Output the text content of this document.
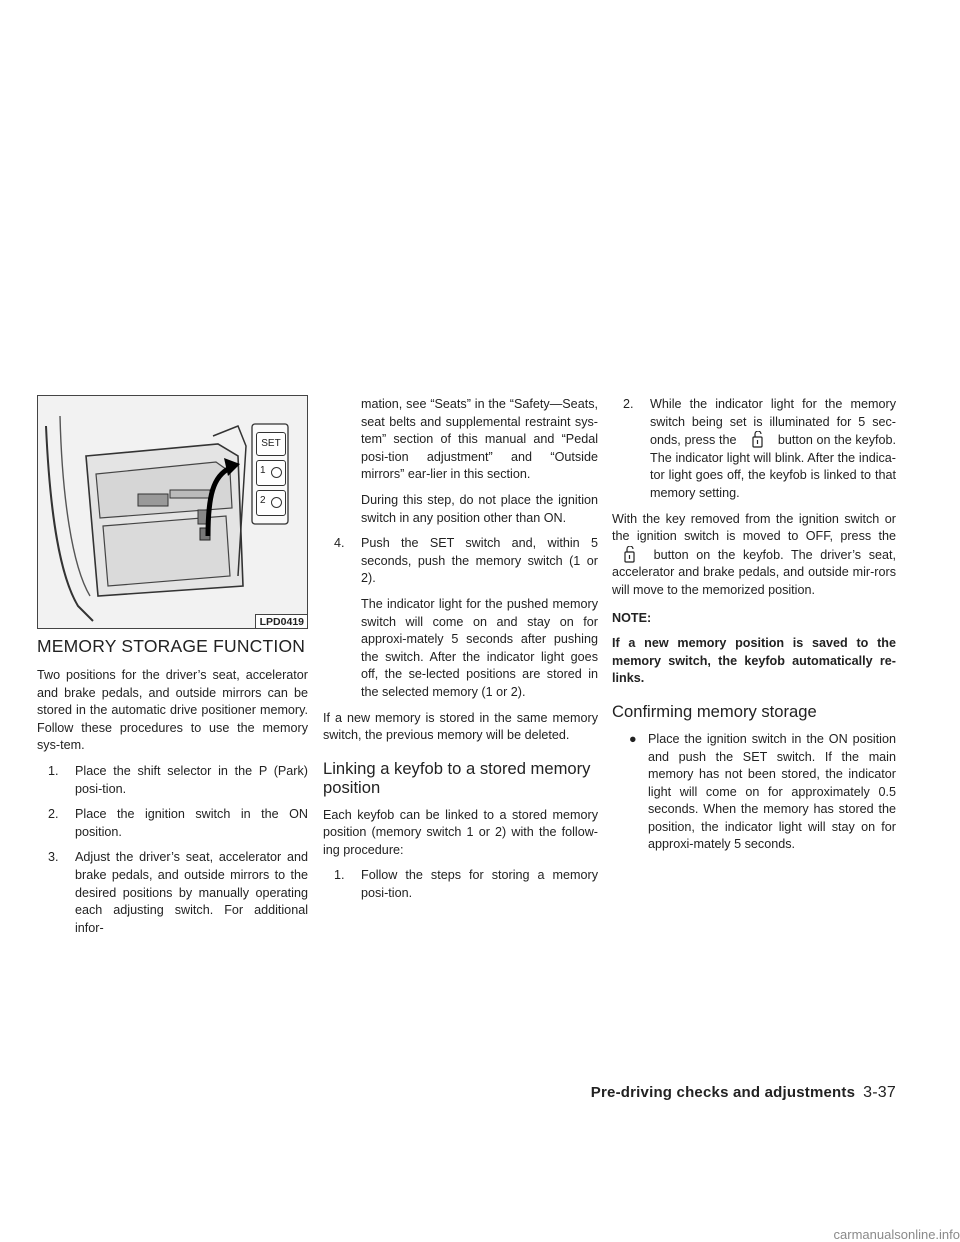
SET
1
2
LPD0419
MEMORY STORAGE FUNCTION

Two positions for the driver’s seat, accelerator and brake pedals, and outside mirrors can be stored in the automatic drive positioner memory. Follow these procedures to use the memory sys-tem.

1. Place the shift selector in the P (Park) posi-tion.
2. Place the ignition switch in the ON position.
3. Adjust the driver’s seat, accelerator and brake pedals, and outside mirrors to the desired positions by manually operating each adjusting switch. For additional infor-

mation, see “Seats” in the “Safety—Seats, seat belts and supplemental restraint sys-tem” section of this manual and “Pedal posi-tion adjustment” and “Outside mirrors” ear-lier in this section.

During this step, do not place the ignition switch in any position other than ON.

4. Push the SET switch and, within 5 seconds, push the memory switch (1 or 2).

The indicator light for the pushed memory switch will come on and stay on for approxi-mately 5 seconds after pushing the switch. After the indicator light goes off, the se-lected positions are stored in the selected memory (1 or 2).

If a new memory is stored in the same memory switch, the previous memory will be deleted.

Linking a keyfob to a stored memory position

Each keyfob can be linked to a stored memory position (memory switch 1 or 2) with the follow-ing procedure:

1. Follow the steps for storing a memory posi-tion.
2. While the indicator light for the memory switch being set is illuminated for 5 sec-onds, press the	button on the keyfob. The indicator light will blink. After the indica-tor light goes off, the keyfob is linked to that memory setting.

With the key removed from the ignition switch or the ignition switch is moved to OFF, press the  button on the keyfob. The driver’s seat, accelerator and brake pedals, and outside mir-rors will move to the memorized position.

NOTE:

If a new memory position is saved to the memory switch, the keyfob automatically re-links.

Confirming memory storage
● Place the ignition switch in the ON position and push the SET switch. If the main memory has not been stored, the indicator light will come on for approximately 0.5 seconds. When the memory has stored the position, the indicator light will stay on for approxi-mately 5 seconds.
Pre-driving checks and adjustments 3-37
carmanualsonline.info
